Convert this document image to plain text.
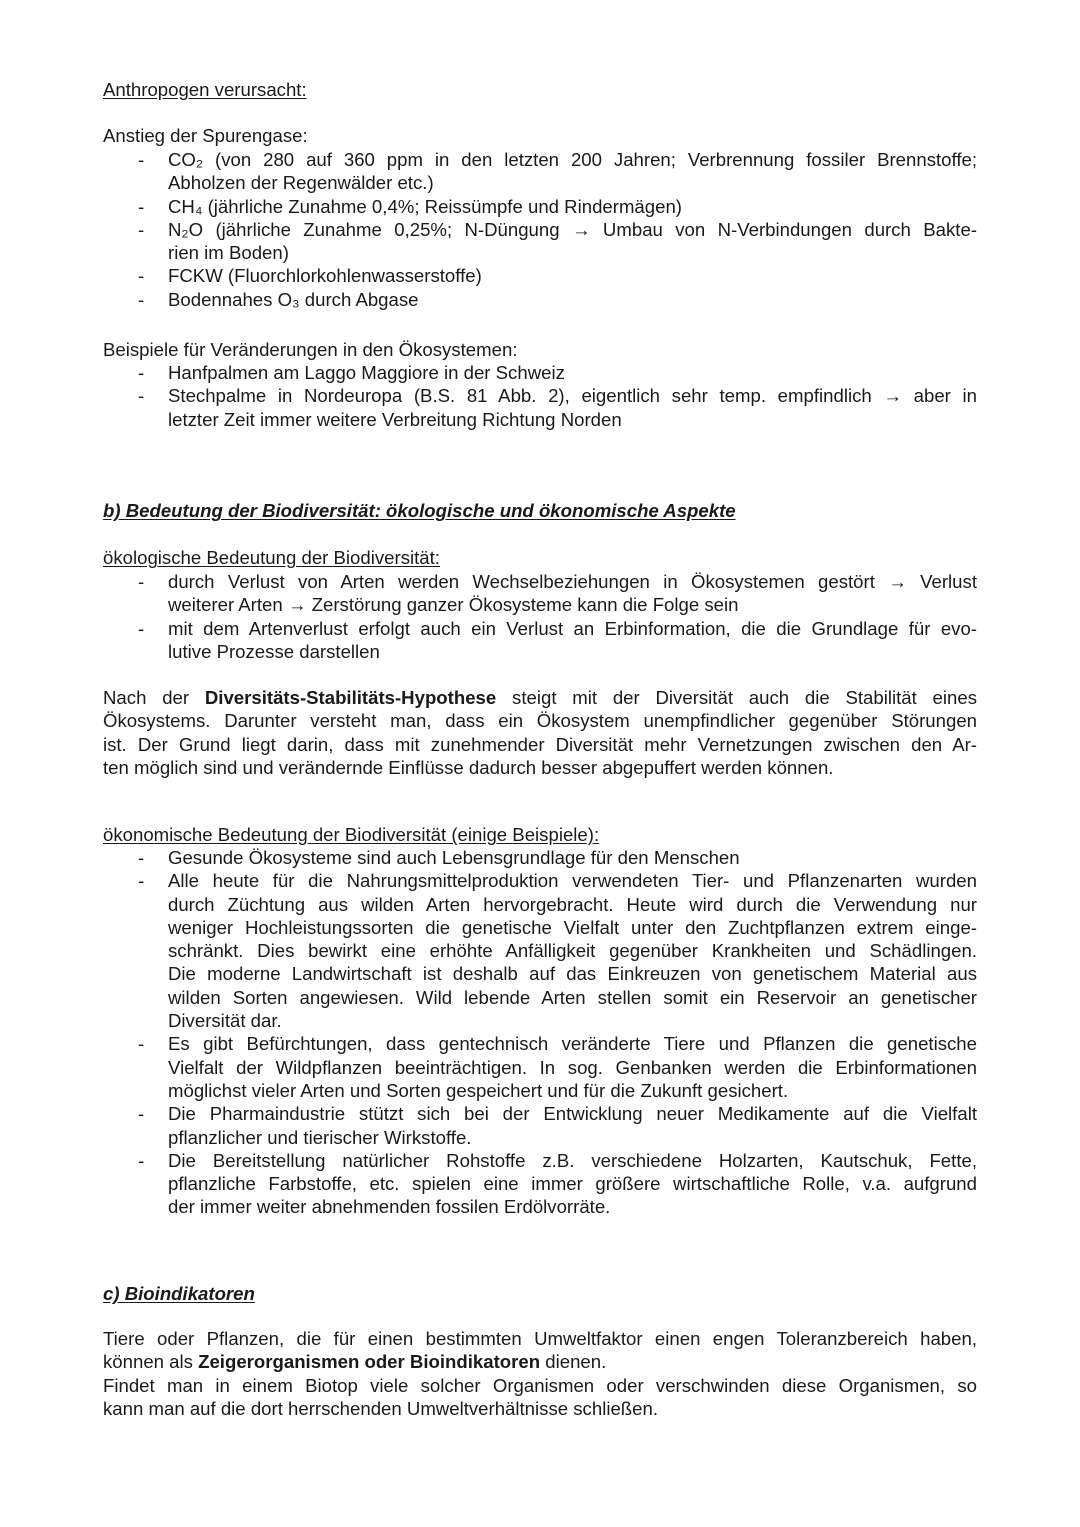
Anthropogen verursacht:
Anstieg der Spurengase:
- CO₂ (von 280 auf 360 ppm in den letzten 200 Jahren; Verbrennung fossiler Brennstoffe;
Abholzen der Regenwälder etc.)
- CH₄ (jährliche Zunahme 0,4%; Reissümpfe und Rindermägen)
- N₂O (jährliche Zunahme 0,25%; N-Düngung → Umbau von N-Verbindungen durch Bakte-
rien im Boden)
- FCKW (Fluorchlorkohlenwasserstoffe)
- Bodennahes O₃ durch Abgase
Beispiele für Veränderungen in den Ökosystemen:
- Hanfpalmen am Laggo Maggiore in der Schweiz
- Stechpalme in Nordeuropa (B.S. 81 Abb. 2), eigentlich sehr temp. empfindlich → aber in
letzter Zeit immer weitere Verbreitung Richtung Norden
b) Bedeutung der Biodiversität: ökologische und ökonomische Aspekte
ökologische Bedeutung der Biodiversität:
- durch Verlust von Arten werden Wechselbeziehungen in Ökosystemen gestört → Verlust
weiterer Arten → Zerstörung ganzer Ökosysteme kann die Folge sein
- mit dem Artenverlust erfolgt auch ein Verlust an Erbinformation, die die Grundlage für evo-
lutive Prozesse darstellen
Nach der Diversitäts-Stabilitäts-Hypothese steigt mit der Diversität auch die Stabilität eines
Ökosystems. Darunter versteht man, dass ein Ökosystem unempfindlicher gegenüber Störungen
ist. Der Grund liegt darin, dass mit zunehmender Diversität mehr Vernetzungen zwischen den Ar-
ten möglich sind und verändernde Einflüsse dadurch besser abgepuffert werden können.
ökonomische Bedeutung der Biodiversität (einige Beispiele):
- Gesunde Ökosysteme sind auch Lebensgrundlage für den Menschen
- Alle heute für die Nahrungsmittelproduktion verwendeten Tier- und Pflanzenarten wurden
durch Züchtung aus wilden Arten hervorgebracht. Heute wird durch die Verwendung nur
weniger Hochleistungssorten die genetische Vielfalt unter den Zuchtpflanzen extrem einge-
schränkt. Dies bewirkt eine erhöhte Anfälligkeit gegenüber Krankheiten und Schädlingen.
Die moderne Landwirtschaft ist deshalb auf das Einkreuzen von genetischem Material aus
wilden Sorten angewiesen. Wild lebende Arten stellen somit ein Reservoir an genetischer
Diversität dar.
- Es gibt Befürchtungen, dass gentechnisch veränderte Tiere und Pflanzen die genetische
Vielfalt der Wildpflanzen beeinträchtigen. In sog. Genbanken werden die Erbinformationen
möglichst vieler Arten und Sorten gespeichert und für die Zukunft gesichert.
- Die Pharmaindustrie stützt sich bei der Entwicklung neuer Medikamente auf die Vielfalt
pflanzlicher und tierischer Wirkstoffe.
- Die Bereitstellung natürlicher Rohstoffe z.B. verschiedene Holzarten, Kautschuk, Fette,
pflanzliche Farbstoffe, etc. spielen eine immer größere wirtschaftliche Rolle, v.a. aufgrund
der immer weiter abnehmenden fossilen Erdölvorräte.
c) Bioindikatoren
Tiere oder Pflanzen, die für einen bestimmten Umweltfaktor einen engen Toleranzbereich haben,
können als Zeigerorganismen oder Bioindikatoren dienen.
Findet man in einem Biotop viele solcher Organismen oder verschwinden diese Organismen, so
kann man auf die dort herrschenden Umweltverhältnisse schließen.
